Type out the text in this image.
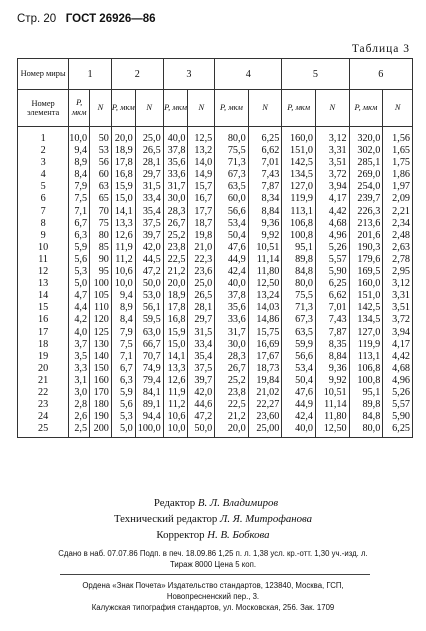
Стр. 20 ГОСТ 26926—86
Таблица 3
Номер миры	1		2		3		4		5		6	
Номер элемента	P, мкм	N	P, мкм	N	P, мкм	N	P, мкм	N	P, мкм	N	P, мкм	N
1	10,0	50	20,0	25,0	40,0	12,5	80,0	6,25	160,0	3,12	320,0	1,56
2	9,4	53	18,9	26,5	37,8	13,2	75,5	6,62	151,0	3,31	302,0	1,65
3	8,9	56	17,8	28,1	35,6	14,0	71,3	7,01	142,5	3,51	285,1	1,75
4	8,4	60	16,8	29,7	33,6	14,9	67,3	7,43	134,5	3,72	269,0	1,86
5	7,9	63	15,9	31,5	31,7	15,7	63,5	7,87	127,0	3,94	254,0	1,97
6	7,5	65	15,0	33,4	30,0	16,7	60,0	8,34	119,9	4,17	239,7	2,09
7	7,1	70	14,1	35,4	28,3	17,7	56,6	8,84	113,1	4,42	226,3	2,21
8	6,7	75	13,3	37,5	26,7	18,7	53,4	9,36	106,8	4,68	213,6	2,34
9	6,3	80	12,6	39,7	25,2	19,8	50,4	9,92	100,8	4,96	201,6	2,48
10	5,9	85	11,9	42,0	23,8	21,0	47,6	10,51	95,1	5,26	190,3	2,63
11	5,6	90	11,2	44,5	22,5	22,3	44,9	11,14	89,8	5,57	179,6	2,78
12	5,3	95	10,6	47,2	21,2	23,6	42,4	11,80	84,8	5,90	169,5	2,95
13	5,0	100	10,0	50,0	20,0	25,0	40,0	12,50	80,0	6,25	160,0	3,12
14	4,7	105	9,4	53,0	18,9	26,5	37,8	13,24	75,5	6,62	151,0	3,31
15	4,4	110	8,9	56,1	17,8	28,1	35,6	14,03	71,3	7,01	142,5	3,51
16	4,2	120	8,4	59,5	16,8	29,7	33,6	14,86	67,3	7,43	134,5	3,72
17	4,0	125	7,9	63,0	15,9	31,5	31,7	15,75	63,5	7,87	127,0	3,94
18	3,7	130	7,5	66,7	15,0	33,4	30,0	16,69	59,9	8,35	119,9	4,17
19	3,5	140	7,1	70,7	14,1	35,4	28,3	17,67	56,6	8,84	113,1	4,42
20	3,3	150	6,7	74,9	13,3	37,5	26,7	18,73	53,4	9,36	106,8	4,68
21	3,1	160	6,3	79,4	12,6	39,7	25,2	19,84	50,4	9,92	100,8	4,96
22	3,0	170	5,9	84,1	11,9	42,0	23,8	21,02	47,6	10,51	95,1	5,26
23	2,8	180	5,6	89,1	11,2	44,6	22,5	22,27	44,9	11,14	89,8	5,57
24	2,6	190	5,3	94,4	10,6	47,2	21,2	23,60	42,4	11,80	84,8	5,90
25	2,5	200	5,0	100,0	10,0	50,0	20,0	25,00	40,0	12,50	80,0	6,25
Редактор В. Л. Владимиров
Технический редактор Л. Я. Митрофанова
Корректор Н. В. Бобкова
Сдано в наб. 07.07.86 Подп. в печ. 18.09.86 1,25 п. л. 1,38 усл. кр.-отт. 1,30 уч.-изд. л.
Тираж 8000 Цена 5 коп.
Ордена «Знак Почета» Издательство стандартов, 123840, Москва, ГСП,
Новопресненский пер., 3.
Калужская типография стандартов, ул. Московская, 256. Зак. 1709
